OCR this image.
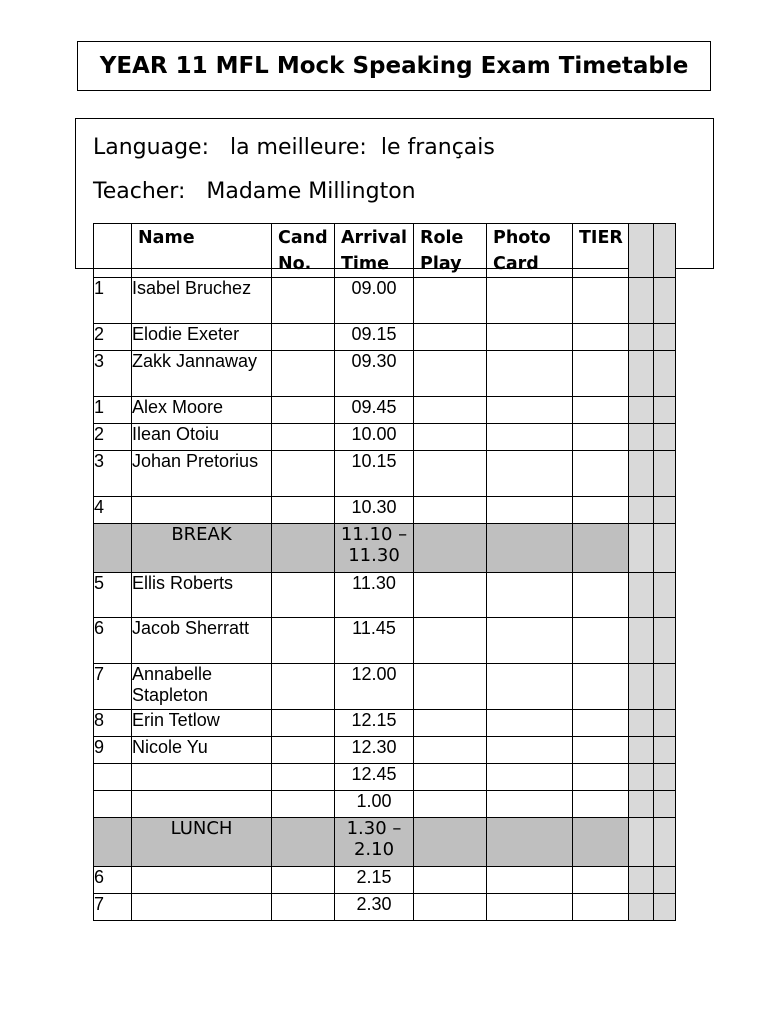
YEAR 11 MFL Mock Speaking Exam Timetable
Language: la meilleure:  le français
Teacher: Madame Millington
	Name	Cand No.	Arrival Time	Role Play	Photo Card	TIER		
1	Isabel Bruchez		09.00					
2	Elodie Exeter		09.15					
3	Zakk Jannaway		09.30					
1	Alex Moore		09.45					
2	Ilean Otoiu		10.00					
3	Johan Pretorius		10.15					
4			10.30					
	BREAK		11.10 – 11.30					
5	Ellis Roberts		11.30					
6	Jacob Sherratt		11.45					
7	Annabelle Stapleton		12.00					
8	Erin Tetlow		12.15					
9	Nicole Yu		12.30					
			12.45					
			1.00					
	LUNCH		1.30 – 2.10					
6			2.15					
7			2.30					
